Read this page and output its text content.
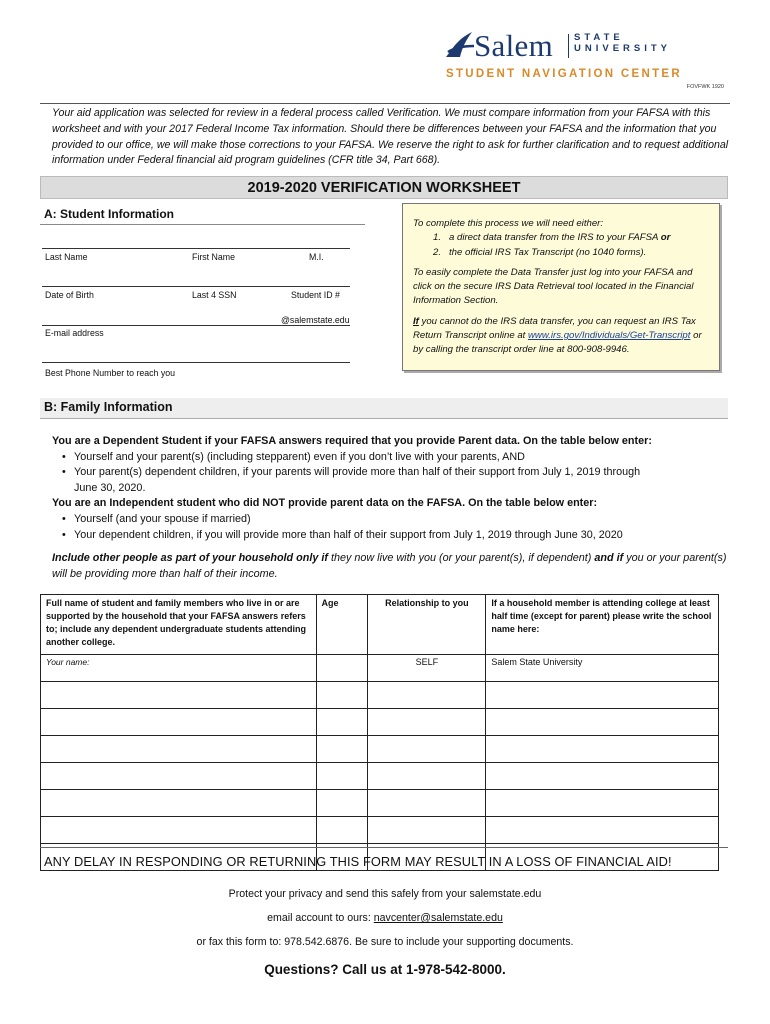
Salem STATE
UNIVERSITY
STUDENT NAVIGATION CENTER
FOVFWK 1920
Your aid application was selected for review in a federal process called Verification. We must compare information from your FAFSA with this worksheet and with your 2017 Federal Income Tax information. Should there be differences between your FAFSA and the information that you provided to our office, we will make those corrections to your FAFSA. We reserve the right to ask for further clarification and to request additional information under Federal financial aid program guidelines (CFR title 34, Part 668).
2019-2020 VERIFICATION WORKSHEET
A: Student Information
Last Name	First Name	M.I.
Date of Birth	Last 4 SSN	Student ID #
@salemstate.edu
E-mail address
Best Phone Number to reach you
To complete this process we will need either:
1. a direct data transfer from the IRS to your FAFSA or
2. the official IRS Tax Transcript (no 1040 forms).
To easily complete the Data Transfer just log into your FAFSA and click on the secure IRS Data Retrieval tool located in the Financial Information Section.
If you cannot do the IRS data transfer, you can request an IRS Tax Return Transcript online at www.irs.gov/Individuals/Get-Transcript or by calling the transcript order line at 800-908-9946.
B: Family Information
You are a Dependent Student if your FAFSA answers required that you provide Parent data. On the table below enter:
• Yourself and your parent(s) (including stepparent) even if you don’t live with your parents, AND
• Your parent(s) dependent children, if your parents will provide more than half of their support from July 1, 2019 through
June 30, 2020.
You are an Independent student who did NOT provide parent data on the FAFSA. On the table below enter:
• Yourself (and your spouse if married)
• Your dependent children, if you will provide more than half of their support from July 1, 2019 through June 30, 2020
Include other people as part of your household only if they now live with you (or your parent(s), if dependent) and if you or your parent(s) will be providing more than half of their income.
Full name of student and family members who live in or are supported by the household that your FAFSA answers refers to; include any dependent undergraduate students attending another college.	Age	Relationship to you	If a household member is attending college at least half time (except for parent) please write the school name here:
Your name:		SELF	Salem State University

ANY DELAY IN RESPONDING OR RETURNING THIS FORM MAY RESULT IN A LOSS OF FINANCIAL AID!
Protect your privacy and send this safely from your salemstate.edu
email account to ours: navcenter@salemstate.edu
or fax this form to: 978.542.6876. Be sure to include your supporting documents.
Questions? Call us at 1-978-542-8000.
